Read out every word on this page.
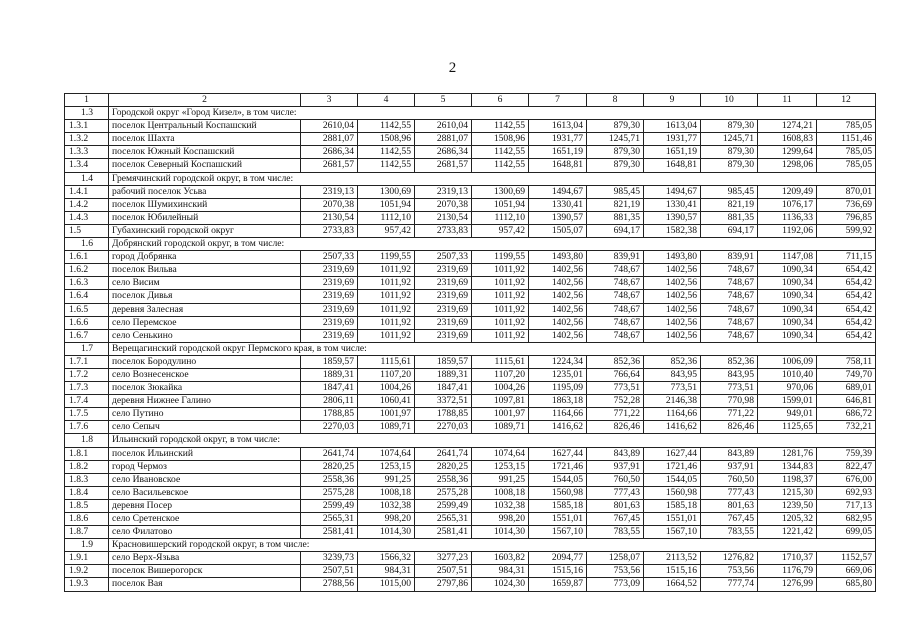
2
1	2	3	4	5	6	7	8	9	10	11	12
1.3	Городской округ «Город Кизел», в том числе:										
1.3.1	поселок Центральный Коспашский	2610,04	1142,55	2610,04	1142,55	1613,04	879,30	1613,04	879,30	1274,21	785,05
1.3.2	поселок Шахта	2881,07	1508,96	2881,07	1508,96	1931,77	1245,71	1931,77	1245,71	1608,83	1151,46
1.3.3	поселок Южный Коспашский	2686,34	1142,55	2686,34	1142,55	1651,19	879,30	1651,19	879,30	1299,64	785,05
1.3.4	поселок Северный Коспашский	2681,57	1142,55	2681,57	1142,55	1648,81	879,30	1648,81	879,30	1298,06	785,05
1.4	Гремячинский городской округ, в том числе:										
1.4.1	рабочий поселок Усьва	2319,13	1300,69	2319,13	1300,69	1494,67	985,45	1494,67	985,45	1209,49	870,01
1.4.2	поселок Шумихинский	2070,38	1051,94	2070,38	1051,94	1330,41	821,19	1330,41	821,19	1076,17	736,69
1.4.3	поселок Юбилейный	2130,54	1112,10	2130,54	1112,10	1390,57	881,35	1390,57	881,35	1136,33	796,85
1.5	Губахинский городской округ	2733,83	957,42	2733,83	957,42	1505,07	694,17	1582,38	694,17	1192,06	599,92
1.6	Добрянский городской округ, в том числе:										
1.6.1	город Добрянка	2507,33	1199,55	2507,33	1199,55	1493,80	839,91	1493,80	839,91	1147,08	711,15
1.6.2	поселок Вильва	2319,69	1011,92	2319,69	1011,92	1402,56	748,67	1402,56	748,67	1090,34	654,42
1.6.3	село Висим	2319,69	1011,92	2319,69	1011,92	1402,56	748,67	1402,56	748,67	1090,34	654,42
1.6.4	поселок Дивья	2319,69	1011,92	2319,69	1011,92	1402,56	748,67	1402,56	748,67	1090,34	654,42
1.6.5	деревня Залесная	2319,69	1011,92	2319,69	1011,92	1402,56	748,67	1402,56	748,67	1090,34	654,42
1.6.6	село Перемское	2319,69	1011,92	2319,69	1011,92	1402,56	748,67	1402,56	748,67	1090,34	654,42
1.6.7	село Сенькино	2319,69	1011,92	2319,69	1011,92	1402,56	748,67	1402,56	748,67	1090,34	654,42
1.7	Верещагинский городской округ Пермского края, в том числе:										
1.7.1	поселок Бородулино	1859,57	1115,61	1859,57	1115,61	1224,34	852,36	852,36	852,36	1006,09	758,11
1.7.2	село Вознесенское	1889,31	1107,20	1889,31	1107,20	1235,01	766,64	843,95	843,95	1010,40	749,70
1.7.3	поселок Зюкайка	1847,41	1004,26	1847,41	1004,26	1195,09	773,51	773,51	773,51	970,06	689,01
1.7.4	деревня Нижнее Галино	2806,11	1060,41	3372,51	1097,81	1863,18	752,28	2146,38	770,98	1599,01	646,81
1.7.5	село Путино	1788,85	1001,97	1788,85	1001,97	1164,66	771,22	1164,66	771,22	949,01	686,72
1.7.6	село Сепыч	2270,03	1089,71	2270,03	1089,71	1416,62	826,46	1416,62	826,46	1125,65	732,21
1.8	Ильинский городской округ, в том числе:										
1.8.1	поселок Ильинский	2641,74	1074,64	2641,74	1074,64	1627,44	843,89	1627,44	843,89	1281,76	759,39
1.8.2	город Чермоз	2820,25	1253,15	2820,25	1253,15	1721,46	937,91	1721,46	937,91	1344,83	822,47
1.8.3	село Ивановское	2558,36	991,25	2558,36	991,25	1544,05	760,50	1544,05	760,50	1198,37	676,00
1.8.4	село Васильевское	2575,28	1008,18	2575,28	1008,18	1560,98	777,43	1560,98	777,43	1215,30	692,93
1.8.5	деревня Посер	2599,49	1032,38	2599,49	1032,38	1585,18	801,63	1585,18	801,63	1239,50	717,13
1.8.6	село Сретенское	2565,31	998,20	2565,31	998,20	1551,01	767,45	1551,01	767,45	1205,32	682,95
1.8.7	село Филатово	2581,41	1014,30	2581,41	1014,30	1567,10	783,55	1567,10	783,55	1221,42	699,05
1.9	Красновишерский городской округ, в том числе:										
1.9.1	село Верх-Язьва	3239,73	1566,32	3277,23	1603,82	2094,77	1258,07	2113,52	1276,82	1710,37	1152,57
1.9.2	поселок Вишерогорск	2507,51	984,31	2507,51	984,31	1515,16	753,56	1515,16	753,56	1176,79	669,06
1.9.3	поселок Вая	2788,56	1015,00	2797,86	1024,30	1659,87	773,09	1664,52	777,74	1276,99	685,80
